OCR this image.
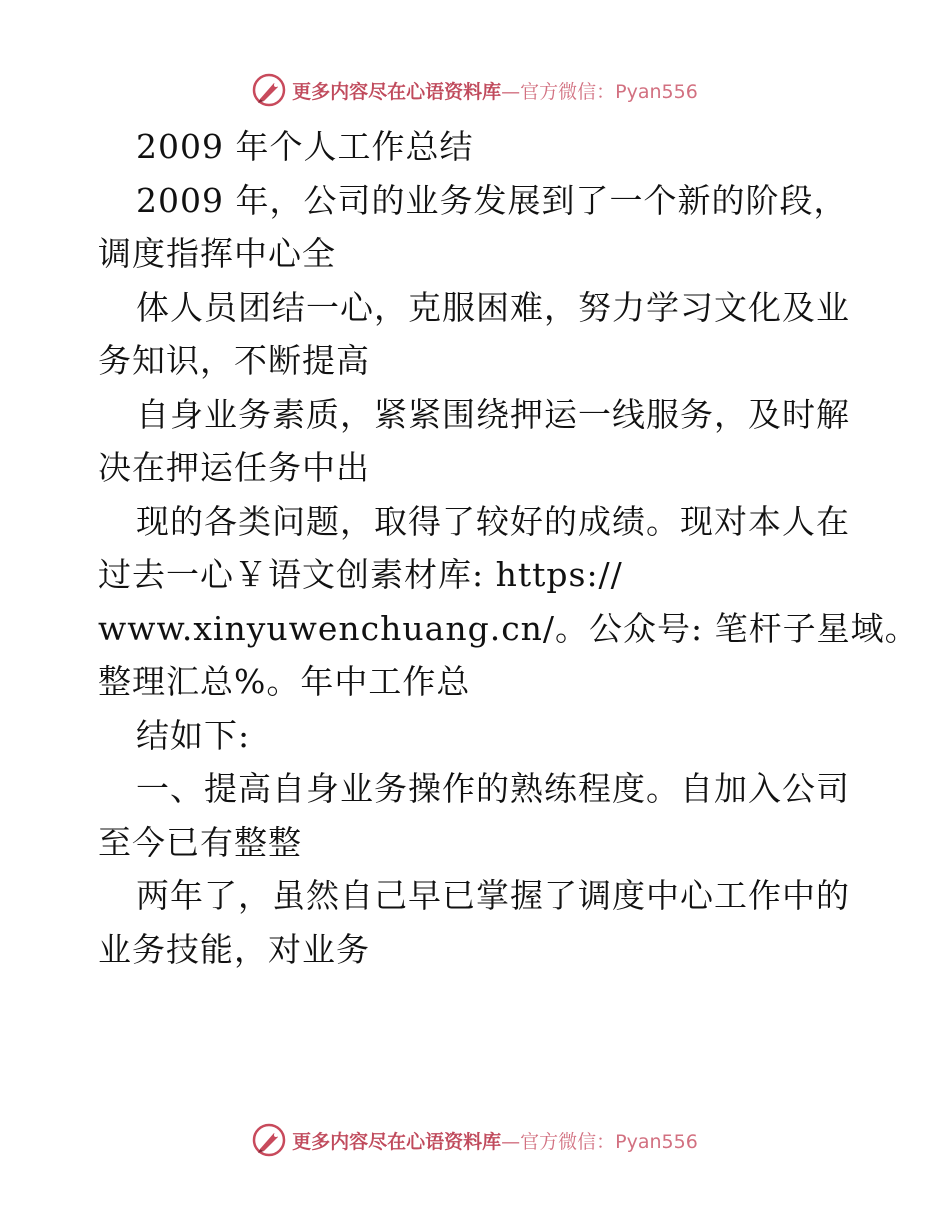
更多内容尽在心语资料库—官方微信：Pyan556
2009 年个人工作总结
2009 年，公司的业务发展到了一个新的阶段，
调度指挥中心全
体人员团结一心，克服困难，努力学习文化及业
务知识，不断提高
自身业务素质，紧紧围绕押运一线服务，及时解
决在押运任务中出
现的各类问题，取得了较好的成绩。现对本人在
过去一心￥语文创素材库: https://
www.xinyuwenchuang.cn/。公众号: 笔杆子星域。
整理汇总%。年中工作总
结如下:
一、提高自身业务操作的熟练程度。自加入公司
至今已有整整
两年了，虽然自己早已掌握了调度中心工作中的
业务技能，对业务
更多内容尽在心语资料库—官方微信：Pyan556
